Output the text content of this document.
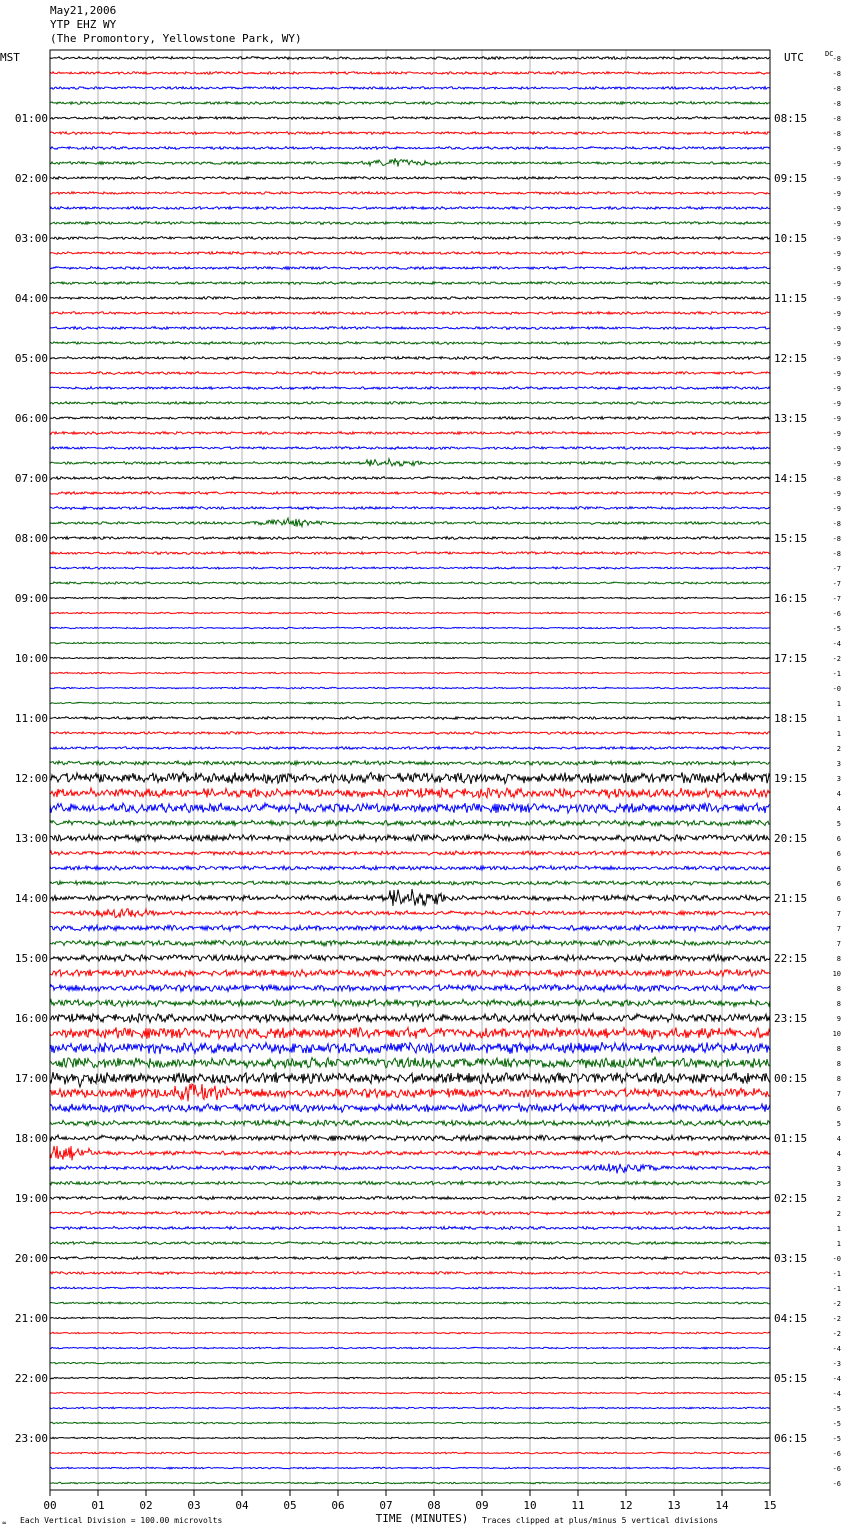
May21,2006
YTP EHZ WY
(The Promontory, Yellowstone Park, WY)
00	01	02	03	04	05	06	07	08	09	10	11	12	13	14	15
-8
-8
-8
-8
-8
-8
-9
-9
-9
-9
-9
-9
-9
-9
-9
-9
-9
-9
-9
-9
-9
-9
-9
-9
-9
-9
-9
-9
-8
-9
-9
-8
-8
-8
-7
-7
-7
-6
-5
-4
-2
-1
-0
1
1
1
2
3
3
4
4
5
6
6
6
6
6
7
7
7
8
10
8
8
9
10
8
8
8
7
6
5
4
4
3
3
2
2
1
1
-0
-1
-1
-2
-2
-2
-4
-3
-4
-4
-5
-5
-5
-6
-6
-6
01:00	08:15
02:00	09:15
03:00	10:15
04:00	11:15
05:00	12:15
06:00	13:15
07:00	14:15
08:00	15:15
09:00	16:15
10:00	17:15
11:00	18:15
12:00	19:15
13:00	20:15
14:00	21:15
15:00	22:15
16:00	23:15
17:00	00:15
18:00	01:15
19:00	02:15
20:00	03:15
21:00	04:15
22:00	05:15
23:00	06:15
MST	UTC	DC
≈ Each Vertical Division = 100.00 microvolts	TIME (MINUTES) Traces clipped at plus/minus 5 vertical divisions
